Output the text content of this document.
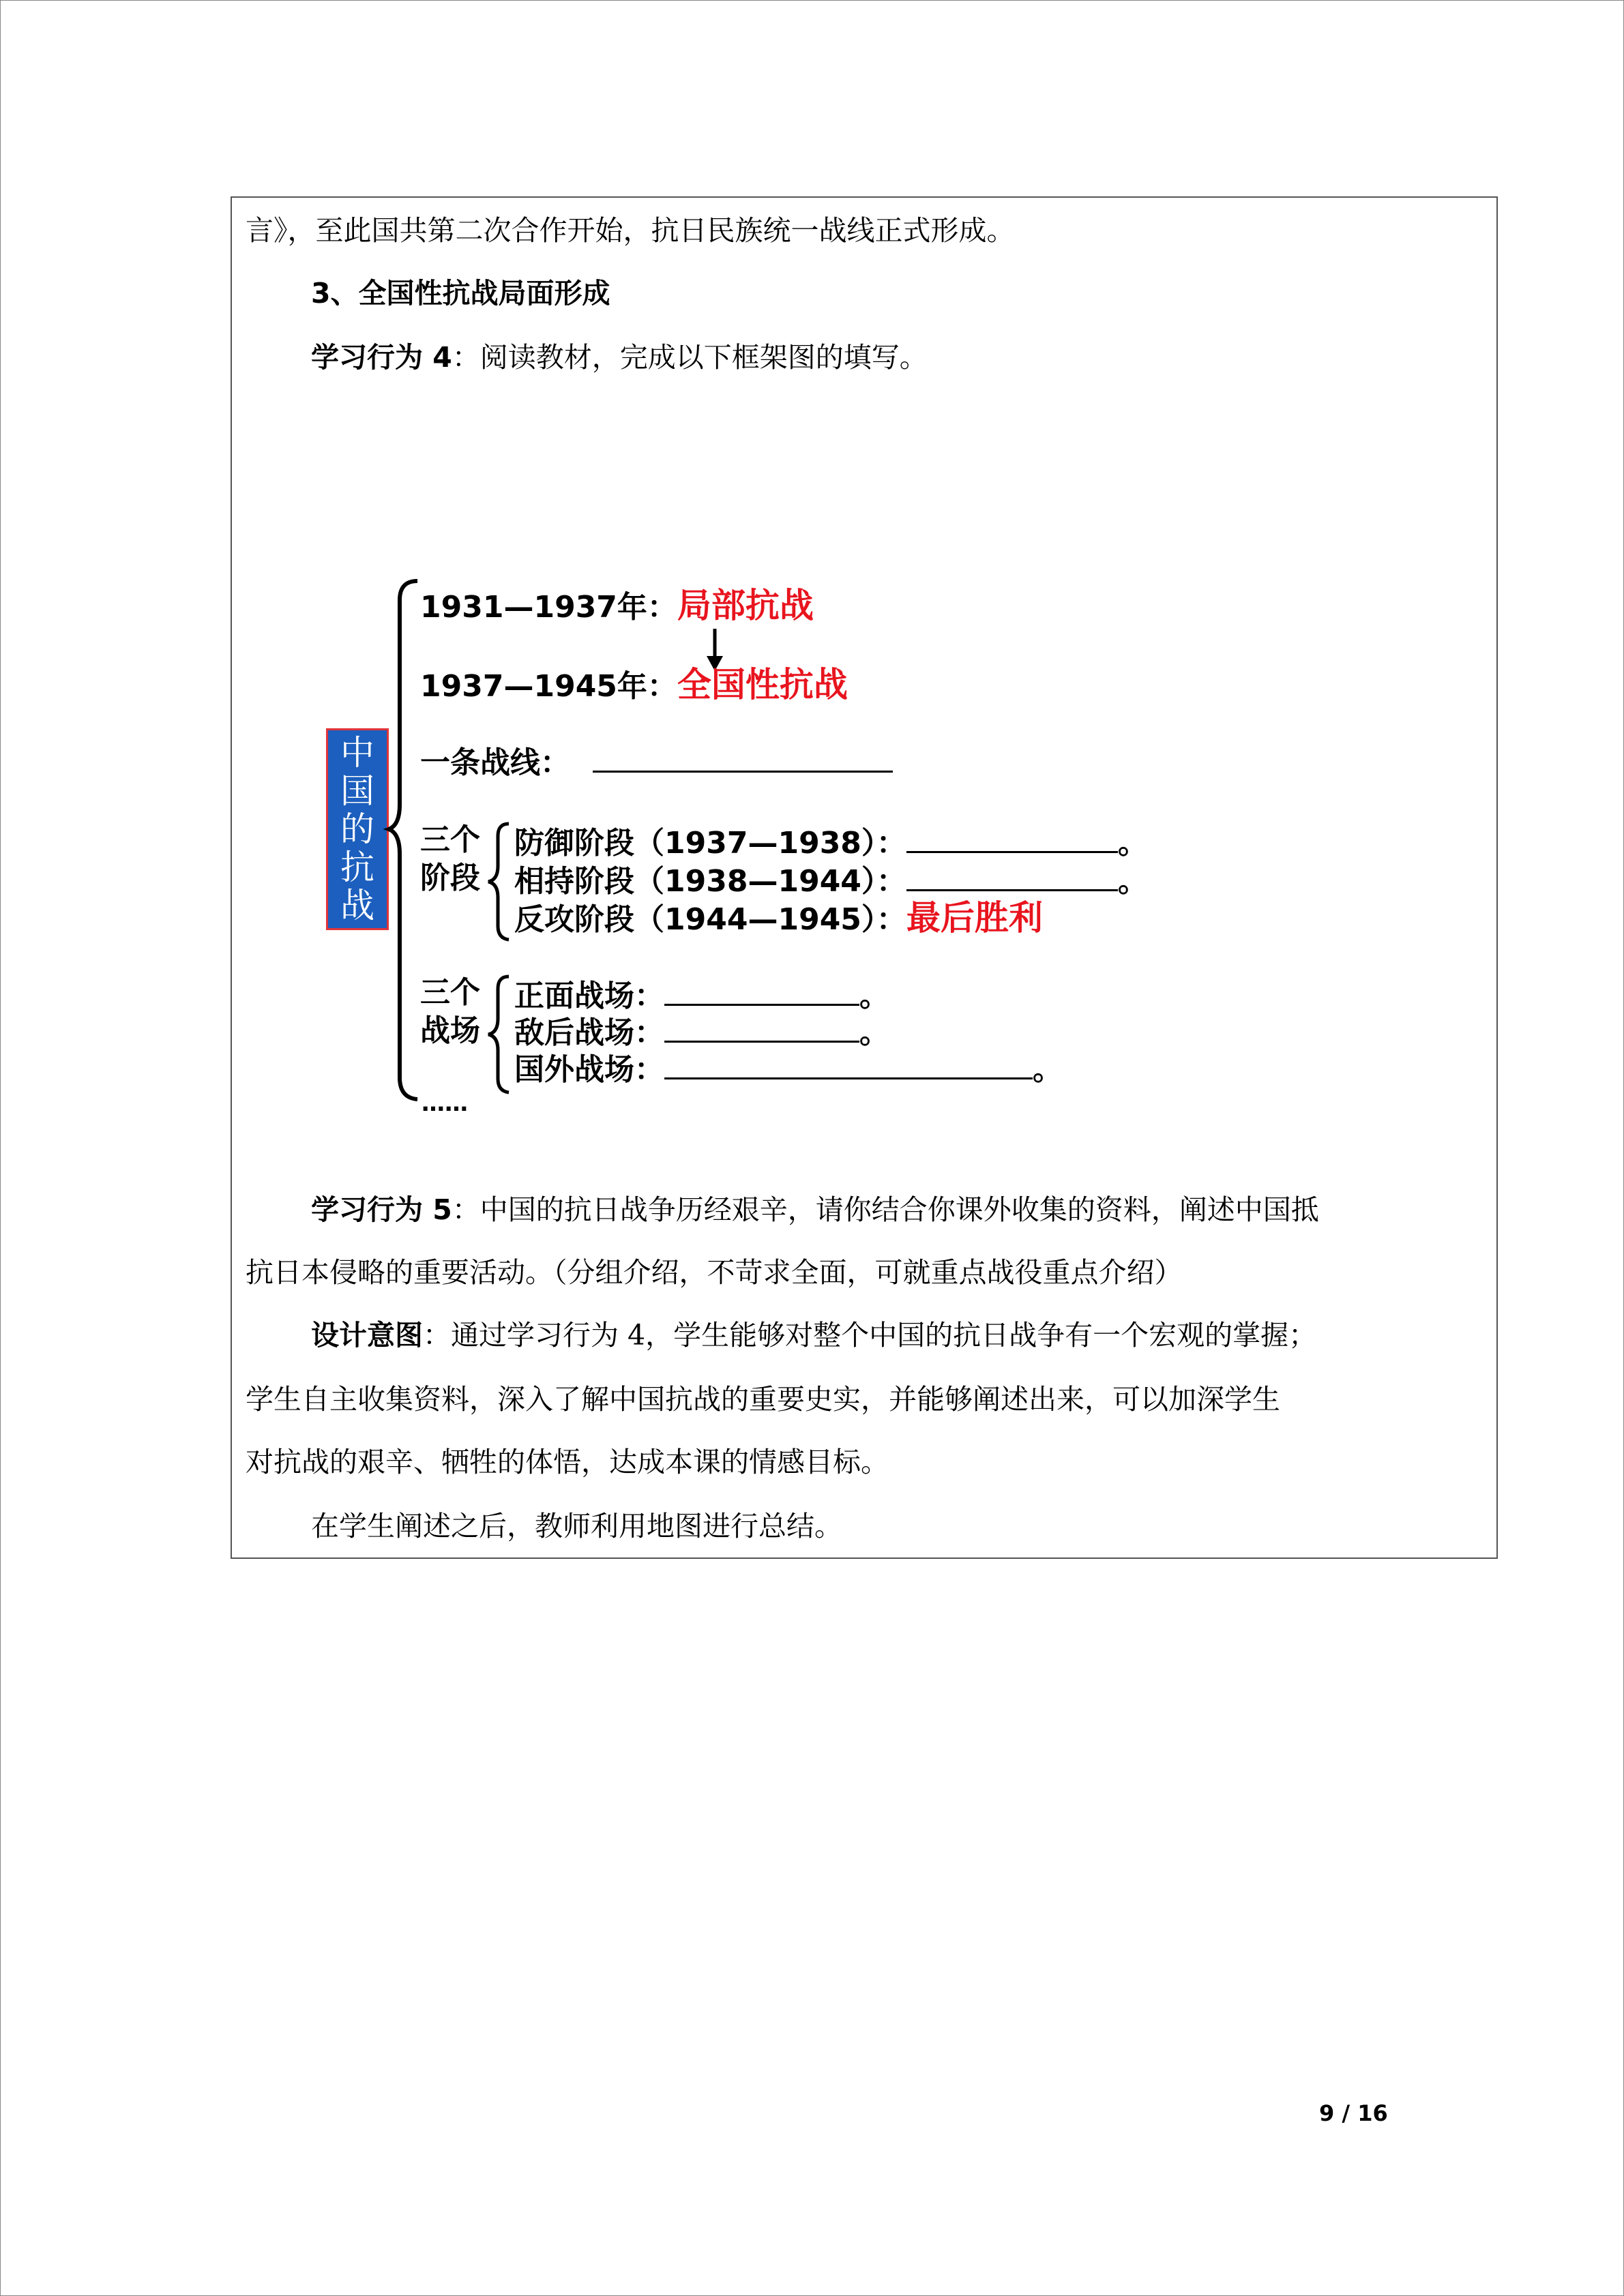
言》，至此国共第二次合作开始，抗日民族统一战线正式形成。
3、全国性抗战局面形成
学习行为 4：阅读教材，完成以下框架图的填写。
中国的抗战
1931—1937年：局部抗战
1937—1945年：全国性抗战
一条战线：
三个
阶段
防御阶段（1937—1938）：	。
相持阶段（1938—1944）：	。
反攻阶段（1944—1945）：最后胜利
三个
战场
正面战场：	。
敌后战场：	。
国外战场：	。
……
学习行为 5：中国的抗日战争历经艰辛，请你结合你课外收集的资料，阐述中国抵
抗日本侵略的重要活动。（分组介绍，不苛求全面，可就重点战役重点介绍）
设计意图：通过学习行为 4，学生能够对整个中国的抗日战争有一个宏观的掌握；
学生自主收集资料，深入了解中国抗战的重要史实，并能够阐述出来，可以加深学生
对抗战的艰辛、牺牲的体悟，达成本课的情感目标。
在学生阐述之后，教师利用地图进行总结。
9 / 16
